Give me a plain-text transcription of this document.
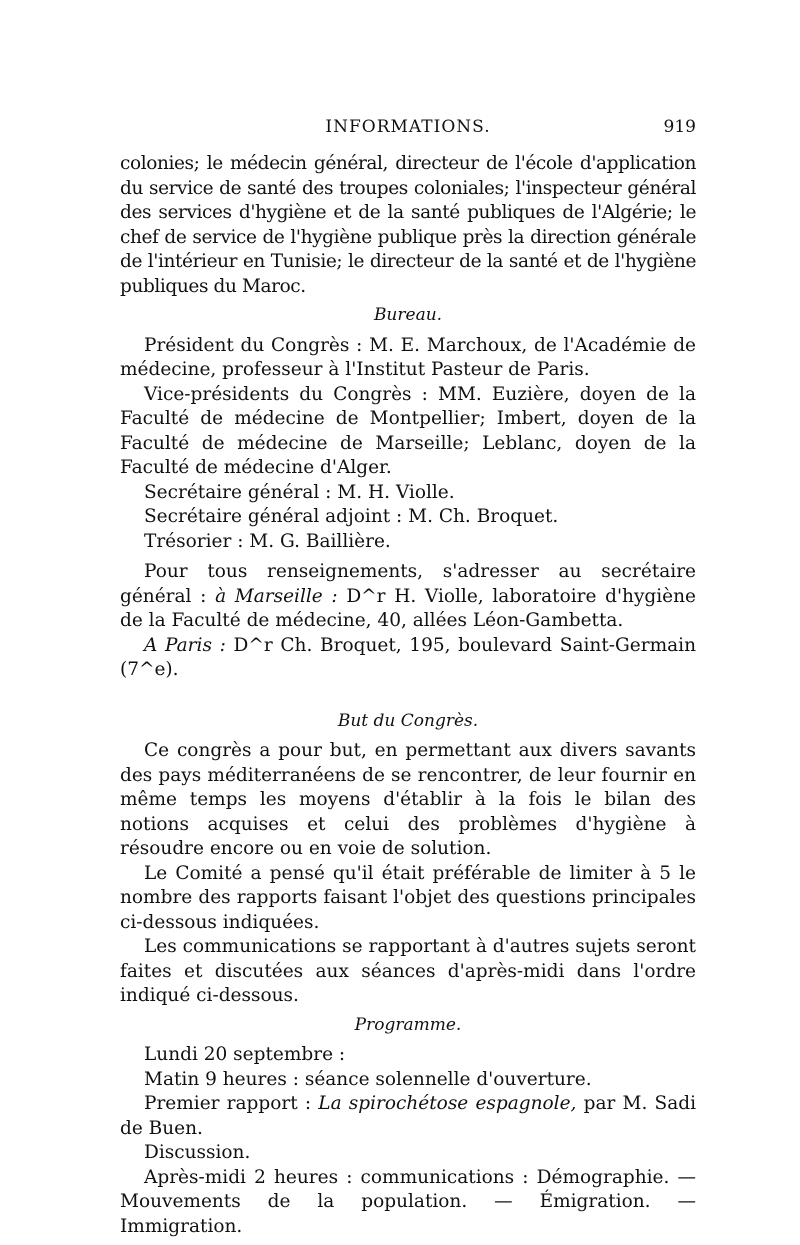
INFORMATIONS.	919

colonies; le médecin général, directeur de l'école d'application du service de santé des troupes coloniales; l'inspecteur général des services d'hygiène et de la santé publiques de l'Algérie; le chef de service de l'hygiène publique près la direction générale de l'intérieur en Tunisie; le directeur de la santé et de l'hygiène publiques du Maroc.

Bureau.

Président du Congrès : M. E. Marchoux, de l'Académie de médecine, professeur à l'Institut Pasteur de Paris.

Vice-présidents du Congrès : MM. Euzière, doyen de la Faculté de médecine de Montpellier; Imbert, doyen de la Faculté de médecine de Marseille; Leblanc, doyen de la Faculté de médecine d'Alger.

Secrétaire général : M. H. Violle.

Secrétaire général adjoint : M. Ch. Broquet.

Trésorier : M. G. Baillière.

Pour tous renseignements, s'adresser au secrétaire général : à Marseille : D^r H. Violle, laboratoire d'hygiène de la Faculté de médecine, 40, allées Léon-Gambetta.

A Paris : D^r Ch. Broquet, 195, boulevard Saint-Germain (7^e).

But du Congrès.

Ce congrès a pour but, en permettant aux divers savants des pays méditerranéens de se rencontrer, de leur fournir en même temps les moyens d'établir à la fois le bilan des notions acquises et celui des problèmes d'hygiène à résoudre encore ou en voie de solution.

Le Comité a pensé qu'il était préférable de limiter à 5 le nombre des rapports faisant l'objet des questions principales ci-dessous indiquées.

Les communications se rapportant à d'autres sujets seront faites et discutées aux séances d'après-midi dans l'ordre indiqué ci-dessous.

Programme.

Lundi 20 septembre :

Matin 9 heures : séance solennelle d'ouverture.

Premier rapport : La spirochétose espagnole, par M. Sadi de Buen.

Discussion.

Après-midi 2 heures : communications : Démographie. — Mouvements de la population. — Émigration. — Immigration.
